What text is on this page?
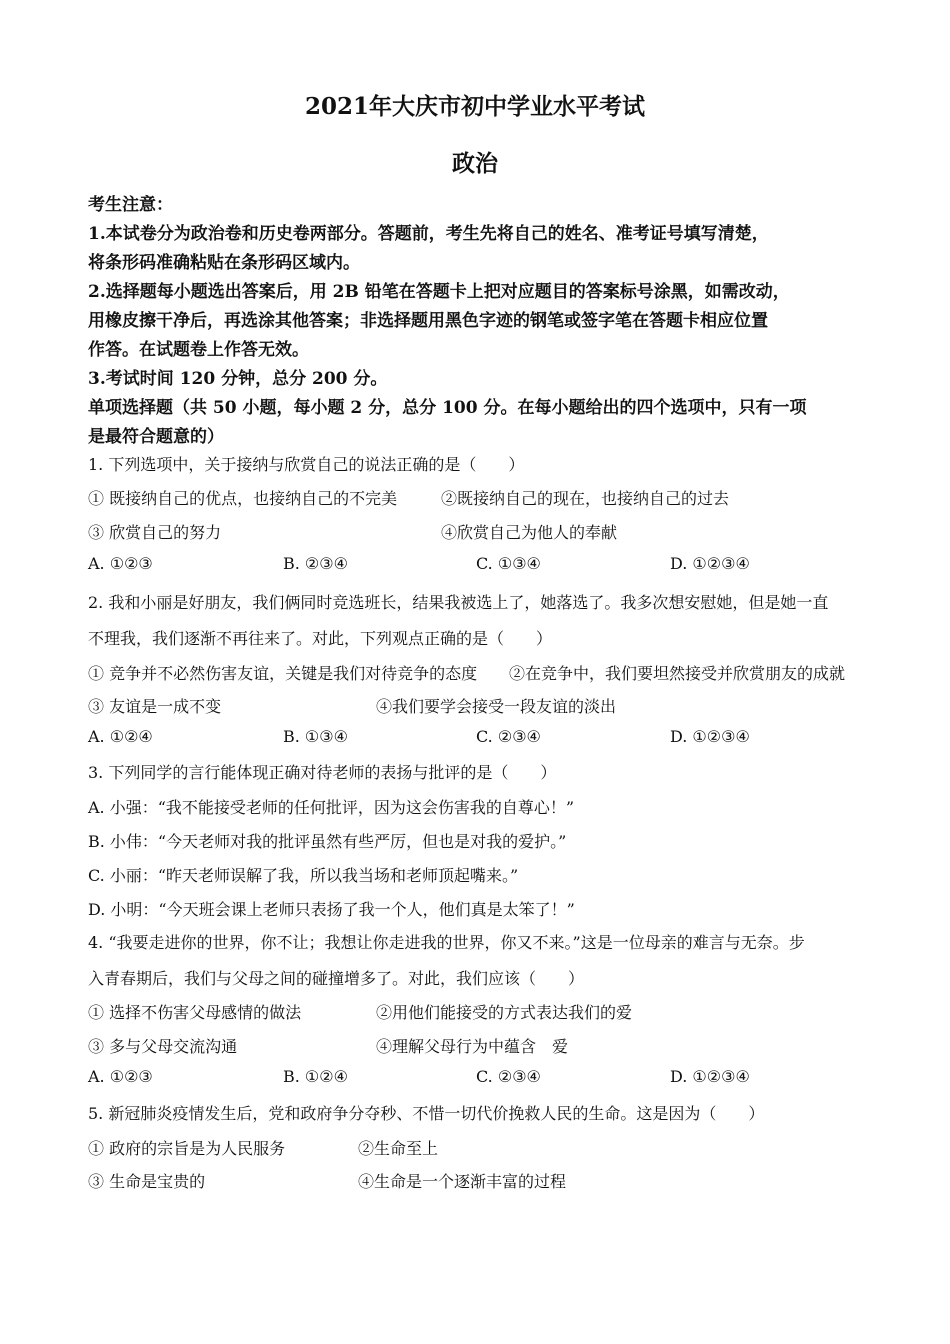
2021年大庆市初中学业水平考试
政治
考生注意：
1.本试卷分为政治卷和历史卷两部分。答题前，考生先将自己的姓名、准考证号填写清楚，
将条形码准确粘贴在条形码区域内。
2.选择题每小题选出答案后，用 2B 铅笔在答题卡上把对应题目的答案标号涂黑，如需改动，
用橡皮擦干净后，再选涂其他答案；非选择题用黑色字迹的钢笔或签字笔在答题卡相应位置
作答。在试题卷上作答无效。
3.考试时间 120 分钟，总分 200 分。
单项选择题（共 50 小题，每小题 2 分，总分 100 分。在每小题给出的四个选项中，只有一项
是最符合题意的）
1. 下列选项中，关于接纳与欣赏自己的说法正确的是（　　）
① 既接纳自己的优点，也接纳自己的不完美	②既接纳自己的现在，也接纳自己的过去
③ 欣赏自己的努力	④欣赏自己为他人的奉献
A. ①②③	B. ②③④	C. ①③④	D. ①②③④
2. 我和小丽是好朋友，我们俩同时竞选班长，结果我被选上了，她落选了。我多次想安慰她，但是她一直
不理我，我们逐渐不再往来了。对此，下列观点正确的是（　　）
① 竞争并不必然伤害友谊，关键是我们对待竞争的态度 ②在竞争中，我们要坦然接受并欣赏朋友的成就
③ 友谊是一成不变	④我们要学会接受一段友谊的淡出
A. ①②④	B. ①③④	C. ②③④	D. ①②③④
3. 下列同学的言行能体现正确对待老师的表扬与批评的是（　　）
A. 小强：“我不能接受老师的任何批评，因为这会伤害我的自尊心！”
B. 小伟：“今天老师对我的批评虽然有些严厉，但也是对我的爱护。”
C. 小丽：“昨天老师误解了我，所以我当场和老师顶起嘴来。”
D. 小明：“今天班会课上老师只表扬了我一个人，他们真是太笨了！”
4. “我要走进你的世界，你不让；我想让你走进我的世界，你又不来。”这是一位母亲的难言与无奈。步
入青春期后，我们与父母之间的碰撞增多了。对此，我们应该（　　）
① 选择不伤害父母感情的做法	②用他们能接受的方式表达我们的爱
③ 多与父母交流沟通	④理解父母行为中蕴含　爱
A. ①②③	B. ①②④	C. ②③④	D. ①②③④
5. 新冠肺炎疫情发生后，党和政府争分夺秒、不惜一切代价挽救人民的生命。这是因为（　　）
① 政府的宗旨是为人民服务	②生命至上
③ 生命是宝贵的	④生命是一个逐渐丰富的过程
